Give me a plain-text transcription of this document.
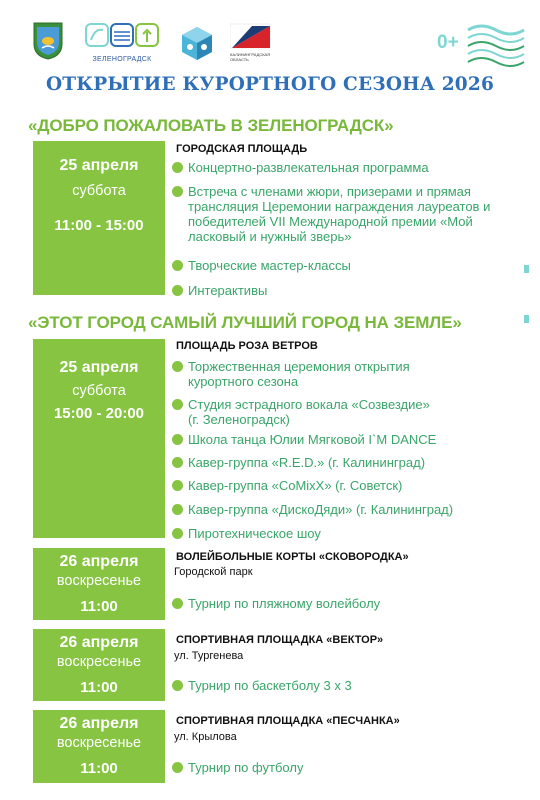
ЗЕЛЕНОГРАДСК
КАЛИНИНГРАДСКАЯ ОБЛАСТЬ
0+
ОТКРЫТИЕ КУРОРТНОГО СЕЗОНА 2026
«ДОБРО ПОЖАЛОВАТЬ В ЗЕЛЕНОГРАДСК»
25 апреля
суббота
11:00 - 15:00
ГОРОДСКАЯ ПЛОЩАДЬ
Концертно-развлекательная программа
Встреча с членами жюри, призерами и прямая трансляция Церемонии награждения лауреатов и победителей VII Международной премии «Мой ласковый и нужный зверь»
Творческие мастер-классы
Интерактивы
«ЭТОТ ГОРОД САМЫЙ ЛУЧШИЙ ГОРОД НА ЗЕМЛЕ»
25 апреля
суббота
15:00 - 20:00
ПЛОЩАДЬ РОЗА ВЕТРОВ
Торжественная церемония открытия курортного сезона
Студия эстрадного вокала «Созвездие» (г. Зеленоградск)
Школа танца Юлии Мягковой I`M DANCE
Кавер-группа «R.E.D.» (г. Калининград)
Кавер-группа «CoMixX» (г. Советск)
Кавер-группа «ДискоДяди» (г. Калининград)
Пиротехническое шоу
26 апреля
воскресенье
11:00
ВОЛЕЙБОЛЬНЫЕ КОРТЫ «СКОВОРОДКА»
Городской парк
Турнир по пляжному волейболу
26 апреля
воскресенье
11:00
СПОРТИВНАЯ ПЛОЩАДКА «ВЕКТОР»
ул. Тургенева
Турнир по баскетболу 3 х 3
26 апреля
воскресенье
11:00
СПОРТИВНАЯ ПЛОЩАДКА «ПЕСЧАНКА»
ул. Крылова
Турнир по футболу
